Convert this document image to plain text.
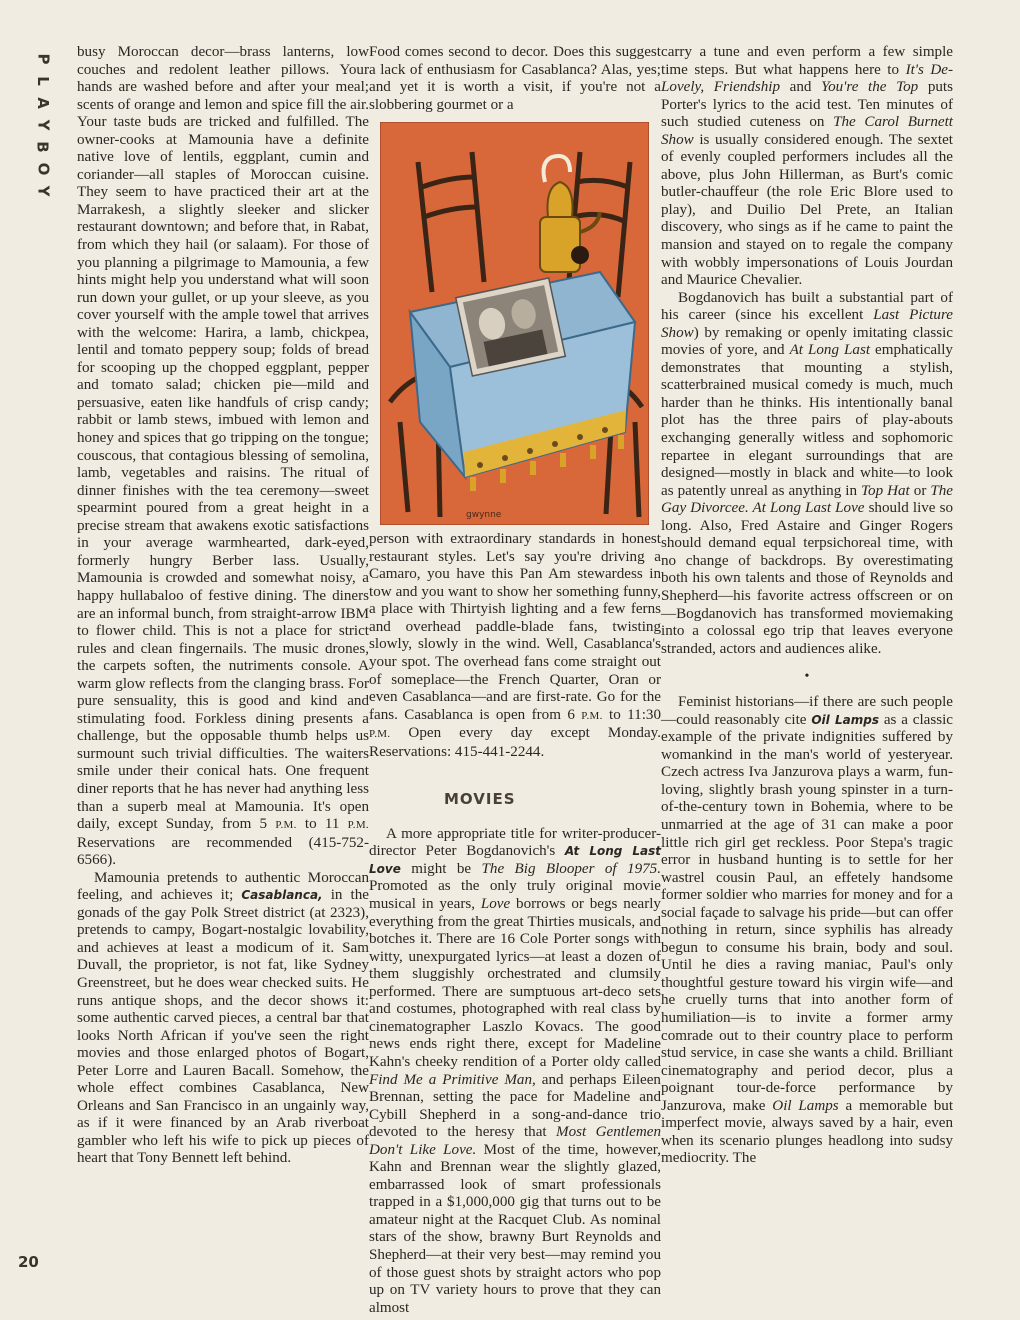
P
L
A
Y
B
O
Y
20

busy Moroccan decor—brass lanterns, low couches and redolent leather pillows. Your hands are washed before and after your meal; scents of orange and lemon and spice fill the air. Your taste buds are tricked and fulfilled. The owner-cooks at Mamounia have a definite native love of lentils, eggplant, cumin and coriander—all staples of Moroccan cuisine. They seem to have practiced their art at the Marrakesh, a slightly sleeker and slicker restaurant downtown; and before that, in Rabat, from which they hail (or salaam). For those of you planning a pilgrimage to Mamounia, a few hints might help you understand what will soon run down your gullet, or up your sleeve, as you cover yourself with the ample towel that arrives with the welcome: Harira, a lamb, chickpea, lentil and tomato peppery soup; folds of bread for scooping up the chopped eggplant, pepper and tomato salad; chicken pie—mild and persuasive, eaten like handfuls of crisp candy; rabbit or lamb stews, imbued with lemon and honey and spices that go tripping on the tongue; couscous, that contagious blessing of semolina, lamb, vegetables and raisins. The ritual of dinner finishes with the tea ceremony—sweet spearmint poured from a great height in a precise stream that awakens exotic satisfactions in your average warmhearted, dark-eyed, formerly hungry Berber lass. Usually, Mamounia is crowded and somewhat noisy, a happy hullabaloo of festive dining. The diners are an informal bunch, from straight-arrow IBM to flower child. This is not a place for strict rules and clean fingernails. The music drones, the carpets soften, the nutriments console. A warm glow reflects from the clanging brass. For pure sensuality, this is good and kind and stimulating food. Forkless dining presents a challenge, but the opposable thumb helps us surmount such trivial difficulties. The waiters smile under their conical hats. One frequent diner reports that he has never had anything less than a superb meal at Mamounia. It's open daily, except Sunday, from 5 P.M. to 11 P.M. Reservations are recommended (415-752-6566).

Mamounia pretends to authentic Moroccan feeling, and achieves it; Casablanca, in the gonads of the gay Polk Street district (at 2323), pretends to campy, Bogart-nostalgic lovability, and achieves at least a modicum of it. Sam Duvall, the proprietor, is not fat, like Sydney Greenstreet, but he does wear checked suits. He runs antique shops, and the decor shows it: some authentic carved pieces, a central bar that looks North African if you've seen the right movies and those enlarged photos of Bogart, Peter Lorre and Lauren Bacall. Somehow, the whole effect combines Casablanca, New Orleans and San Francisco in an ungainly way, as if it were financed by an Arab riverboat gambler who left his wife to pick up pieces of heart that Tony Bennett left behind.

Food comes second to decor. Does this suggest a lack of enthusiasm for Casablanca? Alas, yes; and yet it is worth a visit, if you're not a slobbering gourmet or a

gwynne

person with extraordinary standards in honest restaurant styles. Let's say you're driving a Camaro, you have this Pan Am stewardess in tow and you want to show her something funny, a place with Thirtyish lighting and a few ferns and overhead paddle-blade fans, twisting slowly, slowly in the wind. Well, Casablanca's your spot. The overhead fans come straight out of someplace—the French Quarter, Oran or even Casablanca—and are first-rate. Go for the fans. Casablanca is open from 6 P.M. to 11:30 P.M. Open every day except Monday. Reservations: 415-441-2244.

MOVIES

A more appropriate title for writer-producer-director Peter Bogdanovich's At Long Last Love might be The Big Blooper of 1975. Promoted as the only truly original movie musical in years, Love borrows or begs nearly everything from the great Thirties musicals, and botches it. There are 16 Cole Porter songs with witty, unexpurgated lyrics—at least a dozen of them sluggishly orchestrated and clumsily performed. There are sumptuous art-deco sets and costumes, photographed with real class by cinematographer Laszlo Kovacs. The good news ends right there, except for Madeline Kahn's cheeky rendition of a Porter oldy called Find Me a Primitive Man, and perhaps Eileen Brennan, setting the pace for Madeline and Cybill Shepherd in a song-and-dance trio devoted to the heresy that Most Gentlemen Don't Like Love. Most of the time, however, Kahn and Brennan wear the slightly glazed, embarrassed look of smart professionals trapped in a $1,000,000 gig that turns out to be amateur night at the Racquet Club. As nominal stars of the show, brawny Burt Reynolds and Shepherd—at their very best—may remind you of those guest shots by straight actors who pop up on TV variety hours to prove that they can almost

carry a tune and even perform a few simple time steps. But what happens here to It's De-Lovely, Friendship and You're the Top puts Porter's lyrics to the acid test. Ten minutes of such studied cuteness on The Carol Burnett Show is usually considered enough. The sextet of evenly coupled performers includes all the above, plus John Hillerman, as Burt's comic butler-chauffeur (the role Eric Blore used to play), and Duilio Del Prete, an Italian discovery, who sings as if he came to paint the mansion and stayed on to regale the company with wobbly impersonations of Louis Jourdan and Maurice Chevalier.

Bogdanovich has built a substantial part of his career (since his excellent Last Picture Show) by remaking or openly imitating classic movies of yore, and At Long Last emphatically demonstrates that mounting a stylish, scatterbrained musical comedy is much, much harder than he thinks. His intentionally banal plot has the three pairs of play-abouts exchanging generally witless and sophomoric repartee in elegant surroundings that are designed—mostly in black and white—to look as patently unreal as anything in Top Hat or The Gay Divorcee. At Long Last Love should live so long. Also, Fred Astaire and Ginger Rogers should demand equal terpsichoreal time, with no change of backdrops. By overestimating both his own talents and those of Reynolds and Shepherd—his favorite actress offscreen or on—Bogdanovich has transformed moviemaking into a colossal ego trip that leaves everyone stranded, actors and audiences alike.

•

Feminist historians—if there are such people—could reasonably cite Oil Lamps as a classic example of the private indignities suffered by womankind in the man's world of yesteryear. Czech actress Iva Janzurova plays a warm, fun-loving, slightly brash young spinster in a turn-of-the-century town in Bohemia, where to be unmarried at the age of 31 can make a poor little rich girl get reckless. Poor Stepa's tragic error in husband hunting is to settle for her wastrel cousin Paul, an effetely handsome former soldier who marries for money and for a social façade to salvage his pride—but can offer nothing in return, since syphilis has already begun to consume his brain, body and soul. Until he dies a raving maniac, Paul's only thoughtful gesture toward his virgin wife—and he cruelly turns that into another form of humiliation—is to invite a former army comrade out to their country place to perform stud service, in case she wants a child. Brilliant cinematography and period decor, plus a poignant tour-de-force performance by Janzurova, make Oil Lamps a memorable but imperfect movie, always saved by a hair, even when its scenario plunges headlong into sudsy mediocrity. The
